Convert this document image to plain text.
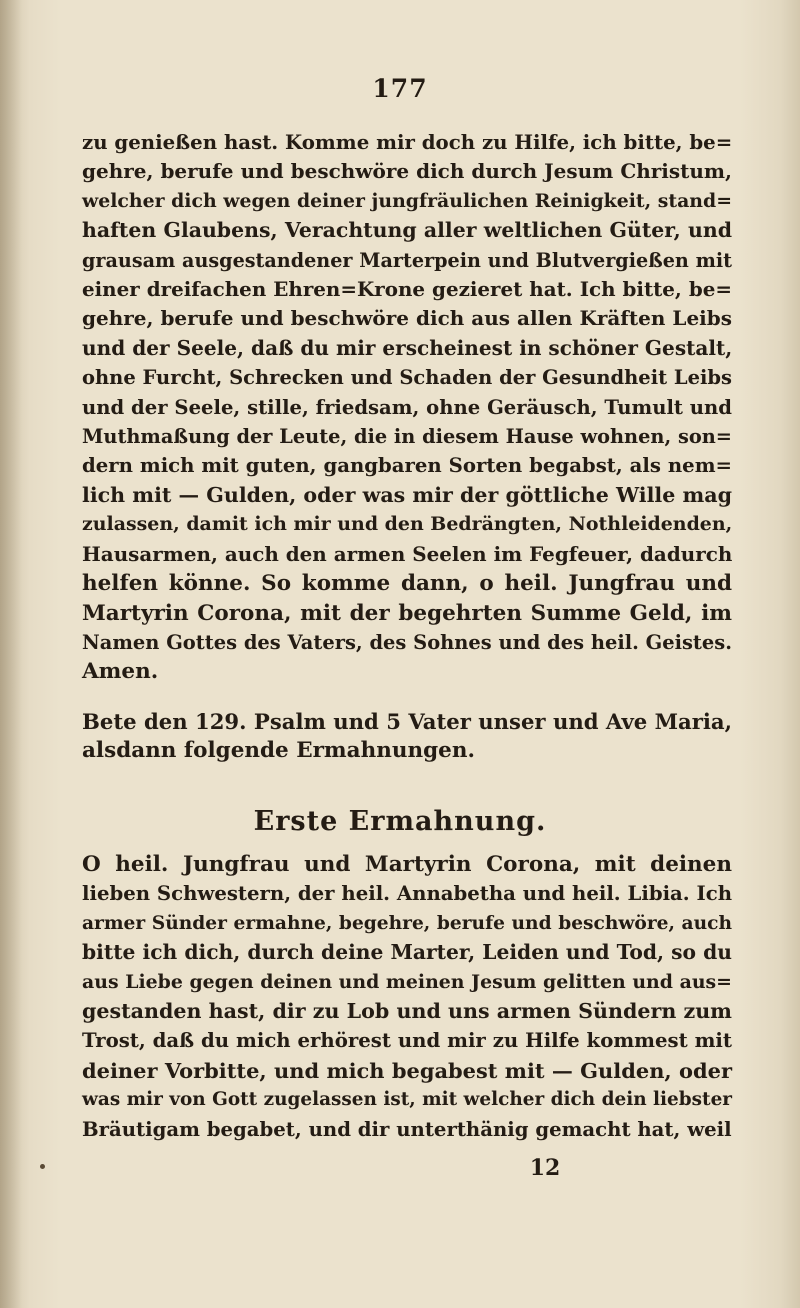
177
zu genießen hast. Komme mir doch zu Hilfe, ich bitte, be=
gehre, berufe und beschwöre dich durch Jesum Christum,
welcher dich wegen deiner jungfräulichen Reinigkeit, stand=
haften Glaubens, Verachtung aller weltlichen Güter, und
grausam ausgestandener Marterpein und Blutvergießen mit
einer dreifachen Ehren=Krone gezieret hat. Ich bitte, be=
gehre, berufe und beschwöre dich aus allen Kräften Leibs
und der Seele, daß du mir erscheinest in schöner Gestalt,
ohne Furcht, Schrecken und Schaden der Gesundheit Leibs
und der Seele, stille, friedsam, ohne Geräusch, Tumult und
Muthmaßung der Leute, die in diesem Hause wohnen, son=
dern mich mit guten, gangbaren Sorten begabst, als nem=
lich mit — Gulden, oder was mir der göttliche Wille mag
zulassen, damit ich mir und den Bedrängten, Nothleidenden,
Hausarmen, auch den armen Seelen im Fegfeuer, dadurch
helfen könne. So komme dann, o heil. Jungfrau und
Martyrin Corona, mit der begehrten Summe Geld, im
Namen Gottes des Vaters, des Sohnes und des heil. Geistes.
Amen.
Bete den 129. Psalm und 5 Vater unser und Ave Maria,
alsdann folgende Ermahnungen.
Erste Ermahnung.
O heil. Jungfrau und Martyrin Corona, mit deinen
lieben Schwestern, der heil. Annabetha und heil. Libia. Ich
armer Sünder ermahne, begehre, berufe und beschwöre, auch
bitte ich dich, durch deine Marter, Leiden und Tod, so du
aus Liebe gegen deinen und meinen Jesum gelitten und aus=
gestanden hast, dir zu Lob und uns armen Sündern zum
Trost, daß du mich erhörest und mir zu Hilfe kommest mit
deiner Vorbitte, und mich begabest mit — Gulden, oder
was mir von Gott zugelassen ist, mit welcher dich dein liebster
Bräutigam begabet, und dir unterthänig gemacht hat, weil
12
